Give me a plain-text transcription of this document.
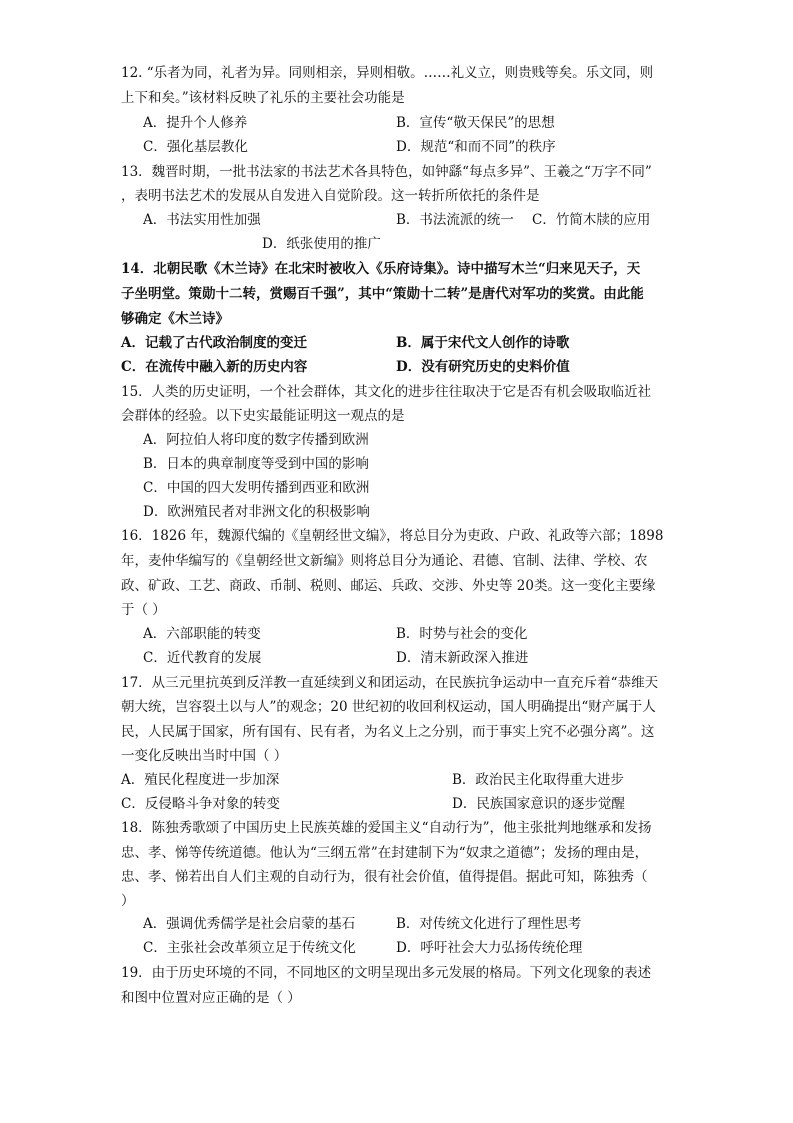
12. “乐者为同，礼者为异。同则相亲，异则相敬。……礼义立，则贵贱等矣。乐文同，则
上下和矣。”该材料反映了礼乐的主要社会功能是
A．提升个人修养	B．宣传“敬天保民”的思想
C．强化基层教化	D．规范“和而不同”的秩序
13．魏晋时期，一批书法家的书法艺术各具特色，如钟繇“每点多异”、王羲之“万字不同”
，表明书法艺术的发展从自发进入自觉阶段。这一转折所依托的条件是
A．书法实用性加强	B．书法流派的统一 C．竹简木牍的应用
D．纸张使用的推广
14．北朝民歌《木兰诗》在北宋时被收入《乐府诗集》。诗中描写木兰“归来见天子，天
子坐明堂。策勋十二转，赏赐百千强”，其中“策勋十二转”是唐代对军功的奖赏。由此能
够确定《木兰诗》
A．记载了古代政治制度的变迁	B．属于宋代文人创作的诗歌
C．在流传中融入新的历史内容	D．没有研究历史的史料价值
15．人类的历史证明，一个社会群体，其文化的进步往往取决于它是否有机会吸取临近社
会群体的经验。以下史实最能证明这一观点的是
A．阿拉伯人将印度的数字传播到欧洲
B．日本的典章制度等受到中国的影响
C．中国的四大发明传播到西亚和欧洲
D．欧洲殖民者对非洲文化的积极影响
16．1826 年，魏源代编的《皇朝经世文编》，将总目分为吏政、户政、礼政等六部；1898
年，麦仲华编写的《皇朝经世文新编》则将总目分为通论、君德、官制、法律、学校、农
政、矿政、工艺、商政、币制、税则、邮运、兵政、交涉、外史等 20类。这一变化主要缘
于（ ）
A．六部职能的转变	B．时势与社会的变化
C．近代教育的发展	D．清末新政深入推进
17．从三元里抗英到反洋教一直延续到义和团运动，在民族抗争运动中一直充斥着“恭维天
朝大统，岂容裂土以与人”的观念；20 世纪初的收回利权运动，国人明确提出“财产属于人
民，人民属于国家，所有国有、民有者，为名义上之分别，而于事实上究不必强分离”。这
一变化反映出当时中国（ ）
A．殖民化程度进一步加深	B．政治民主化取得重大进步
C．反侵略斗争对象的转变	D．民族国家意识的逐步觉醒
18．陈独秀歌颂了中国历史上民族英雄的爱国主义“自动行为”，他主张批判地继承和发扬
忠、孝、悌等传统道德。他认为“三纲五常”在封建制下为“奴隶之道德”；发扬的理由是，
忠、孝、悌若出自人们主观的自动行为，很有社会价值，值得提倡。据此可知，陈独秀（
）
A．强调优秀儒学是社会启蒙的基石	B．对传统文化进行了理性思考
C．主张社会改革须立足于传统文化	D．呼吁社会大力弘扬传统伦理
19．由于历史环境的不同，不同地区的文明呈现出多元发展的格局。下列文化现象的表述
和图中位置对应正确的是（ ）
